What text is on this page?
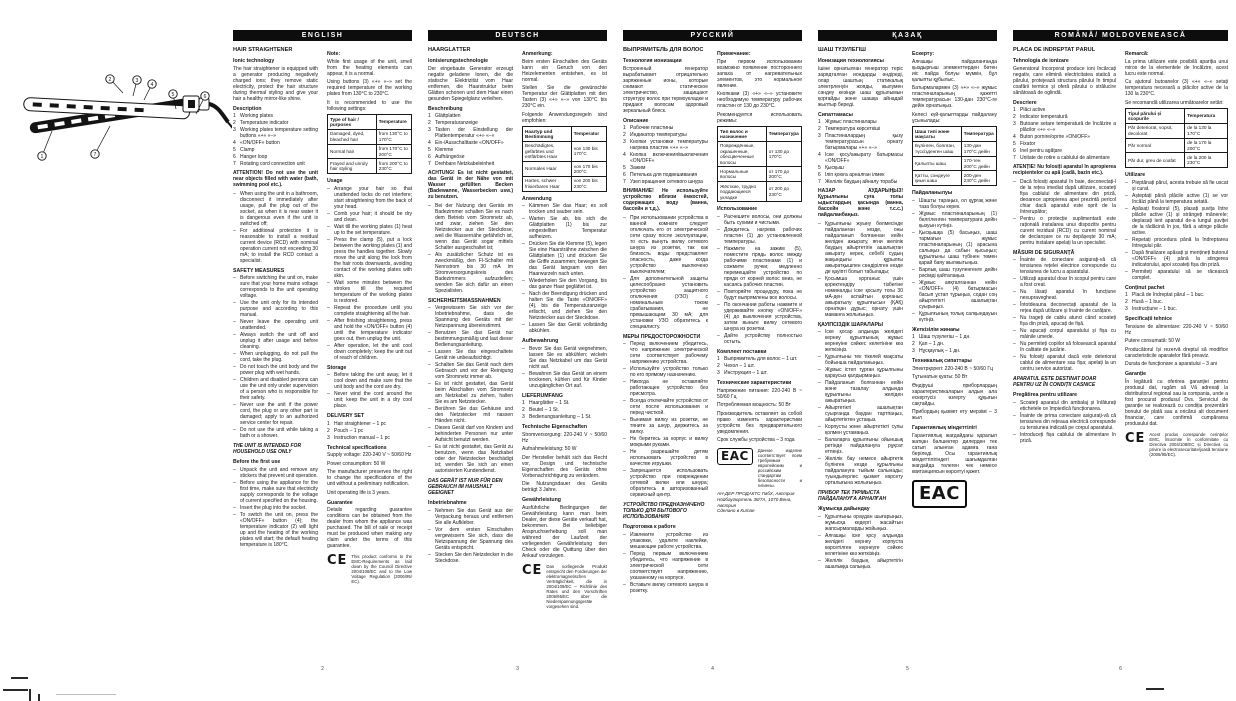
2	3
4
5	6
1	7
ENGLISH
HAIR STRAIGHTENER
Ionic technology
The hair straightener is equipped with a generator producing negatively charged ions; they remove static electricity, protect the hair structure during thermal styling and give your hair a healthy mirror-like shine.
Description
1 Working plates
2 Temperature indicator
3 Working plates temperature setting buttons «+» «–»
4 «ON/OFF» button
5 Clamp
6 Hanger loop
7 Rotating cord connection unit
ATTENTION! Do not use the unit near objects filled with water (bath, swimming pool etc.).
– When using the unit in a bathroom, disconnect it immediately after usage, pull the plug out of the socket, as when it is near water it is dangerous even if the unit is switched off;
– For additional protection it is reasonable to install a residual current device (RCD) with nominal operation current not exceeding 30 mA; to install the RCD contact a specialist.
SAFETY MEASURES
– Before switching the unit on, make sure that your home mains voltage corresponds to the unit operating voltage.
– Use the unit only for its intended purpose and according to this manual.
– Never leave the operating unit unattended.
– Always switch the unit off and unplug it after usage and before cleaning.
– When unplugging, do not pull the cord, take the plug.
– Do not touch the unit body and the power plug with wet hands.
– Children and disabled persons can use the unit only under supervision of a person who is responsible for their safety.
– Never use the unit if the power cord, the plug or any other part is damaged; apply to an authorized service center for repair.
– Do not use the unit while taking a bath or a shower.
THE UNIT IS INTENDED FOR HOUSEHOLD USE ONLY
Before the first use
– Unpack the unit and remove any stickers that prevent unit operation.
– Before using the appliance for the first time, make sure that electricity supply corresponds to the voltage of current specified on the housing.
– Insert the plug into the socket.
– To switch the unit on, press the «ON/OFF» button (4); the temperature indicator (2) will light up and the heating of the working plates will start; the default heating temperature is 180°C.
Note:
While first usage of the unit, smell from the heating elements can appear, it is a normal.
Using buttons (3) «+» «–» set the required temperature of the working plates from 130°C to 230°C.
It is recommended to use the following settings:
Type of hair / purposes	Temperature
Damaged, dyed, bleached hair	from 130°C to 170°C
Normal hair	from 170°C to 200°C
Frayed and unruly hair styling	from 200°C to 230°C
Usage
– Arrange your hair so that unattended locks do not interfere; start straightening from the back of your head.
– Comb your hair; it should be dry and clean.
– Wait till the working plates (1) heat up to the set temperature.
– Press the clamp (5), put a lock between the working plates (1) and press the handles together. Slowly move the unit along the lock from the hair roots downwards, avoiding contact of the working plates with skin.
– Wait some minutes between the strokes till the required temperature of the working plates is restored.
– Repeat the procedure until you complete straightening all the hair.
– After finishing straightening, press and hold the «ON/OFF» button (4) until the temperature indicator goes out, then unplug the unit.
– After operation, let the unit cool down completely; keep the unit out of reach of children.
Storage
– Before taking the unit away, let it cool down and make sure that the unit body and the cord are dry.
– Never wind the cord around the unit; keep the unit in a dry cool place.
DELIVERY SET
1 Hair straightener – 1 pc
2 Pouch – 1 pc
3 Instruction manual – 1 pc
Technical specifications
Supply voltage: 220-240 V ~ 50/60 Hz
Power consumption: 50 W
The manufacturer preserves the right to change the specifications of the unit without a preliminary notification.
Unit operating life is 3 years.
Guarantee
Details regarding guarantee conditions can be obtained from the dealer from whom the appliance was purchased. The bill of sale or receipt must be produced when making any claim under the terms of this guarantee.
CE This product conforms to the EMC-Requirements as laid down by the Council Directive 2004/108/ЕС and to the Low Voltage Regulation (2006/95/ЕС).
2
DEUTSCH
HAARGLÄTTER
Ionisierungstechnologie
Der eingebaute Generator erzeugt negativ geladene Ionen, die die statische Elektrizität vom Haar entfernen, die Haarstruktur beim Glätten schonen und dem Haar einen gesunden Spiegelglanz verleihen.
Beschreibung
1 Glättplatten
2 Temperaturanzeige
3 Tasten der Einstellung der Plattentemperatur «+» «–»
4 Ein-/Ausschalttaste «ON/OFF»
5 Klemme
6 Aufhängeöse
7 Drehbare Netzkabeleinheit
ACHTUNG! Es ist nicht gestattet, das Gerät in der Nähe von mit Wasser gefüllten Becken (Badewanne, Wasserbecken usw.) zu benutzen.
– Bei der Nutzung des Geräts im Badezimmer schalten Sie es nach dem Betrieb vom Stromnetz ab, und zwar, ziehen Sie den Netzstecker aus der Steckdose, weil die Wassernähe gefährlich ist, wenn das Gerät sogar mittels Schalter ausgeschaltet ist;
– Als zusätzlicher Schutz ist es zweckmäßig, den FI-Schalter mit Nennstrom bis 30 mA im Stromversorgungskreis des Badezimmers aufzustellen; wenden Sie sich dafür an einen Spezialisten.
SICHERHEITSMASSNAHMEN
– Vergewissern Sie sich vor der Inbetriebnahme, dass die Spannung des Geräts mit der Netzspannung übereinstimmt.
– Benutzen Sie das Gerät nur bestimmungsmäßig und laut dieser Bedienungsanleitung.
– Lassen Sie das eingeschaltete Gerät nie unbeaufsichtigt.
– Schalten Sie das Gerät nach dem Gebrauch und vor der Reinigung vom Stromnetz immer ab.
– Es ist nicht gestattet, das Gerät beim Abschalten vom Stromnetz am Netzkabel zu ziehen, halten Sie es am Netzstecker.
– Berühren Sie das Gehäuse und den Netzstecker mit nassen Händen nicht.
– Dieses Gerät darf von Kindern und behinderten Personen nur unter Aufsicht benutzt werden.
– Es ist nicht gestattet, das Gerät zu benutzen, wenn das Netzkabel oder der Netzstecker beschädigt ist; wenden Sie sich an einen autorisierten Kundendienst.
DAS GERÄT IST NUR FÜR DEN GEBRAUCH IM HAUSHALT GEEIGNET
Inbetriebnahme
– Nehmen Sie das Gerät aus der Verpackung heraus und entfernen Sie alle Aufkleber.
– Vor dem ersten Einschalten vergewissern Sie sich, dass die Netzspannung der Spannung des Geräts entspricht.
– Stecken Sie den Netzstecker in die Steckdose.
Anmerkung:
Beim ersten Einschalten des Geräts kann ein Geruch von den Heizelementen entstehen, es ist normal.
Stellen Sie die gewünschte Temperatur der Glättplatten mit den Tasten (3) «+» «–» von 130°C bis 230°C ein.
Folgende Anwendungsregeln sind empfohlen:
Haartyp und Bestimmung	Temperatur
Beschädigtes, gefärbtes und entfärbtes Haar	von 130 bis 170°C
Normales Haar	von 170 bis 200°C
Hartes, schwer frisierbares Haar	von 200 bis 230°C
Anwendung
– Kämmen Sie das Haar; es soll trocken und sauber sein.
– Warten Sie ab, bis sich die Glättplatten (1) bis zur eingestellten Temperatur aufheizen.
– Drücken Sie die Klemme (5), legen Sie eine Haarsträhne zwischen die Glättplatten (1) und drücken Sie die Griffe zusammen; bewegen Sie das Gerät langsam von den Haarwurzeln nach unten.
– Wiederholen Sie den Vorgang, bis das ganze Haar geglättet ist.
– Nach der Beendigung drücken und halten Sie die Taste «ON/OFF» (4), bis die Temperaturanzeige erlischt, und ziehen Sie den Netzstecker aus der Steckdose.
– Lassen Sie das Gerät vollständig abkühlen.
Aufbewahrung
– Bevor Sie das Gerät wegnehmen, lassen Sie es abkühlen; wickeln Sie das Netzkabel um das Gerät nicht auf.
– Bewahren Sie das Gerät an einem trockenen, kühlen und für Kinder unzugänglichen Ort auf.
LIEFERUMFANG
1 Haarglätter – 1 St.
2 Beutel – 1 St.
3 Bedienungsanleitung – 1 St.
Technische Eigenschaften
Stromversorgung: 220-240 V ~ 50/60 Hz
Aufnahmeleistung: 50 W
Der Hersteller behält sich das Recht vor, Design und technische Eigenschaften des Geräts ohne Vorbenachrichtigung zu verändern.
Die Nutzungsdauer des Geräts beträgt 3 Jahre.
Gewährleistung
Ausführliche Bedingungen der Gewährleistung kann man beim Dealer, der diese Geräte verkauft hat, bekommen. Bei beliebiger Anspruchserhebung soll man während der Laufzeit der vorliegenden Gewährleistung den Check oder die Quittung über den Ankauf vorzulegen.
CE Das vorliegende Produkt entspricht den Forderungen der elektromagnetischen Verträglichkeit, die in 2004/108/EC – Richtlinie des Rates und den Vorschriften 2006/95/EC über die Niederspannungsgeräte vorgesehen sind.
3
РУССКИЙ
ВЫПРЯМИТЕЛЬ ДЛЯ ВОЛОС
Технология ионизации
Встроенный генератор вырабатывает отрицательно заряженные ионы, которые снимают статическое электричество, защищают структуру волос при термоукладке и придают волосам здоровый зеркальный блеск.
Описание
1 Рабочие пластины
2 Индикатор температуры
3 Кнопки установки температуры нагрева пластин «+» «–»
4 Кнопка включения/выключения «ON/OFF»
5 Зажим
6 Петелька для подвешивания
7 Узел вращения сетевого шнура
ВНИМАНИЕ! Не используйте устройство вблизи ёмкостей, содержащих воду (ванна, бассейн и т.д.).
– При использовании устройства в ванной комнате следует отключать его от электрической сети сразу после эксплуатации, то есть вынуть вилку сетевого шнура из розетки, так как близость воды представляет опасность, даже когда устройство выключено выключателем;
– Для дополнительной защиты целесообразно установить устройство защитного отключения (УЗО) с номинальным током срабатывания, не превышающим 30 мА; для установки УЗО обратитесь к специалисту.
МЕРЫ ПРЕДОСТОРОЖНОСТИ
– Перед включением убедитесь, что напряжение электрической сети соответствует рабочему напряжению устройства.
– Используйте устройство только по его прямому назначению.
– Никогда не оставляйте работающее устройство без присмотра.
– Всегда отключайте устройство от сети после использования и перед чисткой.
– Вынимая вилку из розетки, не тяните за шнур, держитесь за вилку.
– Не беритесь за корпус и вилку мокрыми руками.
– Не разрешайте детям использовать устройство в качестве игрушки.
– Запрещается использовать устройство при повреждении сетевой вилки или шнура; обратитесь в авторизованный сервисный центр.
УСТРОЙСТВО ПРЕДНАЗНАЧЕНО ТОЛЬКО ДЛЯ БЫТОВОГО ИСПОЛЬЗОВАНИЯ
Подготовка к работе
– Извлеките устройство из упаковки, удалите наклейки, мешающие работе устройства.
– Перед первым включением убедитесь, что напряжение в электрической сети соответствует напряжению, указанному на корпусе.
– Вставьте вилку сетевого шнура в розетку.
Примечание:
При первом использовании возможно появление постороннего запаха от нагревательных элементов, это нормальное явление.
Кнопками (3) «+» «–» установите необходимую температуру рабочих пластин от 130 до 230°С.
Рекомендуется использовать режимы:
Тип волос и назначение	Температура
Повреждённые, окрашенные, обесцвеченные волосы	от 130 до 170°С
Нормальные волосы	от 170 до 200°С
Жёсткие, трудно поддающиеся укладке	от 200 до 230°С
Использование
– Расчешите волосы, они должны быть сухими и чистыми.
– Дождитесь нагрева рабочих пластин (1) до установленной температуры.
– Нажмите на зажим (5), поместите прядь волос между рабочими пластинами (1) и сожмите ручки; медленно перемещайте устройство по пряди от корней волос вниз, не касаясь рабочих пластин.
– Повторяйте процедуру, пока не будут выпрямлены все волосы.
– По окончании работы нажмите и удерживайте кнопку «ON/OFF» (4) до выключения устройства, затем выньте вилку сетевого шнура из розетки.
– Дайте устройству полностью остыть.
Комплект поставки
1 Выпрямитель для волос – 1 шт.
2 Чехол – 1 шт.
3 Инструкция – 1 шт.
Технические характеристики
Напряжение питания: 220-240 В ~ 50/60 Гц
Потребляемая мощность: 50 Вт
Производитель оставляет за собой право изменять характеристики устройств без предварительного уведомления.
Срок службы устройства – 3 года
EAC	Данное изделие соответствует всем требуемым европейским и российским стандартам безопасности и гигиены.
АН-ДЕР ПРОДАКТС ГмбХ, Австрия
Нойбаугюртель 38/7А, 1070 Вена, Австрия
Сделано в Китае
4
ҚАЗАҚ
ШАШ ТҮЗУЛЕГІШ
Ионизация технологиясы
Ішіне орнатылған генератор теріс зарядталған иондарды өндіреді, олар шаштың статикалық электрленуін жояды, жылумен сәндеу кезінде шаш құрылымын қорғайды және шашқа айнадай жылтыр береді.
Сипаттамасы
1 Жұмыс пластиналары
2 Температура көрсеткіші
3 Пластиналардың қызу температурасын орнату батырмалары «+» «–»
4 Іске қосу/ажырату батырмасы «ON/OFF»
5 Қысқыш
6 Іліп қоюға арналған ілмек
7 Желілік баудың айналу торабы
НАЗАР АУДАРЫҢЫЗ! Құрылғыны суға толы ыдыстардың қасында (ванна, бассейн және т.с.с.) пайдаланбаңыз.
– Құрылғыны жуыну бөлмесінде пайдаланған кезде, оны пайдаланып болғаннан кейін желіден ажырату, яғни желілік баудың айыртетігін ашалықтан ажырату керек, себебі судың жақындығы құрылғы ажыратқышпен сөндірілген кезде де қауіпті болып табылады;
– Қосымша қорғаныс үшін қоректендіру тізбегіне номиналды іске қосылу тогы 30 мА-ден аспайтын қорғаныс ажыратылу құрылғысын (ҚАҚ) орнатқан дұрыс; орнату үшін маманға жолығыңыз.
ҚАУІПСІЗДІК ШАРАЛАРЫ
– Іске қосар алдында желідегі кернеу құрылғының жұмыс кернеуіне сәйкес келетініне көз жеткізіңіз.
– Құрылғыны тек тікелей мақсаты бойынша пайдаланыңыз.
– Жұмыс істеп тұрған құрылғыны қараусыз қалдырмаңыз.
– Пайдаланып болғаннан кейін және тазалау алдында құрылғыны желіден ажыратыңыз.
– Айыртетікті ашалықтан суырғанда баудан тартпаңыз, айыртетіктен ұстаңыз.
– Корпусты және айыртетікті сулы қолмен ұстамаңыз.
– Балаларға құрылғыны ойыншық ретінде пайдалануға рұқсат етпеңіз.
– Желілік бау немесе айыртетік бүлінген кезде құрылғыны пайдалануға тыйым салынады; туындыгерлес қызмет көрсету орталығына жолығыңыз.
ПРИБОР ТЕК ТҰРМЫСТА ПАЙДАЛАНУҒА АРНАЛҒАН
Жұмысқа дайындау
– Құрылғыны ораудан шығарыңыз, жұмысқа кедергі жасайтын жапсырмаларды жойыңыз.
– Алғашқы іске қосу алдында желідегі кернеу корпуста көрсетілген кернеуге сәйкес келетініне көз жеткізіңіз.
– Желілік баудың айыртетігін ашалыққа салыңыз.
Ескерту:
Алғашқы пайдаланғанда қыздырғыш элементтерден бөтен иіс пайда болуы мүмкін, бұл қалыпты құбылыс.
Батырмалармен (3) «+» «–» жұмыс пластиналарының қажетті температурасын 130-дан 230°С-ге дейін орнатыңыз.
Келесі күй-қалыптарды пайдалану ұсынылады:
Шаш типі және мақсаты	Температура
Бүлінген, боялған, түссізденген шаш	130-дан 170°С дейін
Қалыпты шаш	170-тен 200°С дейін
Қатты, сәндеуге қиын шаш	200-ден 230°С дейін
Пайдаланылуы
– Шашты тараңыз, ол құрғақ және таза болуы керек.
– Жұмыс пластиналарының (1) белгіленген температураға дейін қызуын күтіңіз.
– Қысқышқа (5) басыңыз, шаш тармағын жұмыс пластиналарының (1) арасына салыңыз да сабын қысыңыз; құрылғыны шаш түбінен төмен қарай баяу жылжытыңыз.
– Барлық шаш түзуленгенге дейін рәсімді қайталаңыз.
– Жұмыс аяқталғаннан кейін «ON/OFF» (4) батырмасын басып ұстап тұрыңыз, содан соң айыртетікті ашалықтан суырыңыз.
– Құрылғының толық салқындауын күтіңіз.
Жеткізілім жинағы
1 Шаш түзулегіш – 1 дн.
2 Қап – 1 дн.
3 Нұсқаулық – 1 дн.
Техникалық сипаттары
Электрқорегі: 220-240 В ~ 50/60 Гц
Тұтынатын қуаты: 50 Вт
Өндіруші приборлардың характеристикаларын алдын ала ескертусіз өзгерту құқығын сақтайды.
Прибордың қызмет ету мерзімі – 3 жыл
Гарантиялық мiндеттiлiгi
Гарантиялық жағдайдағы қаралып жатқан бөлшектер дилерден тек сатып алынған адамға ғана берiледi. Осы гарантиялық мiндеттiлiгiндегi шағымдалған жағдайда төлеген чек немесе квитанциясын көрсетуi қажет.
EAC
5
ROMÂNĂ/ MOLDOVENEASCĂ
PLACĂ DE ÎNDREPTAT PĂRUL
Tehnologia de ionizare
Generatorul încorporat produce ioni încărcați negativ, care elimină electricitatea statică a părului, protejează structura părului în timpul coafării termice și oferă părului o strălucire sănătoasă de oglindă.
Descriere
1 Plăci active
2 Indicator temperatură
3 Butoane setare temperatură de încălzire a plăcilor «+» «–»
4 Buton pornire/oprire «ON/OFF»
5 Fixator
6 Inel pentru agățare
7 Unitate de rotire a cablului de alimentare
ATENȚIE! Nu folosiți aparatul în apropierea recipientelor cu apă (cadă, bazin etc.).
– Dacă folosiți aparatul în baie, deconectați-l de la rețea imediat după utilizare, scoateți fișa cablului de alimentare din priză, deoarece apropierea apei prezintă pericol chiar dacă aparatul este oprit de la întrerupător;
– Pentru o protecție suplimentară este rațională instalarea unui dispozitiv pentru curent rezidual (RCD) cu curent nominal de declanșare ce nu depășește 30 mA; pentru instalare apelați la un specialist.
MĂSURI DE SIGURANȚĂ
– Înainte de conectare asigurați-vă că tensiunea rețelei electrice corespunde cu tensiunea de lucru a aparatului.
– Utilizați aparatul doar în scopul pentru care a fost creat.
– Nu lăsați aparatul în funcțiune nesupravegheat.
– Întotdeauna deconectați aparatul de la rețea după utilizare și înainte de curățare.
– Nu trageți de cablu atunci când scoateți fișa din priză, apucați de fișă.
– Nu apucați corpul aparatului și fișa cu mâinile umede.
– Nu permiteți copiilor să folosească aparatul în calitate de jucărie.
– Nu folosiți aparatul dacă este deteriorat cablul de alimentare sau fișa; apelați la un centru service autorizat.
APARATUL ESTE DESTINAT DOAR PENTRU UZ ÎN CONDIȚII CASNICE
Pregătirea pentru utilizare
– Scoateți aparatul din ambalaj și înlăturați etichetele ce împiedică funcționarea.
– Înainte de prima conectare asigurați-vă că tensiunea din rețeaua electrică corespunde cu tensiunea indicată pe corpul aparatului.
– Introduceți fișa cablului de alimentare în priză.
Remarcă:
La prima utilizare este posibilă apariția unui miros de la elementele de încălzire, acest lucru este normal.
Cu ajutorul butoanelor (3) «+» «–» setați temperatura necesară a plăcilor active de la 130 la 230°C.
Se recomandă utilizarea următoarelor setări:
Tipul părului și scopurile	Temperatura
Păr deteriorat, vopsit, decolorat	de la 130 la 170°C
Păr normal	de la 170 la 200°C
Păr dur, greu de coafat	de la 200 la 230°C
Utilizare
– Pieptănați părul, acesta trebuie să fie uscat și curat.
– Așteptați până plăcile active (1) se vor încălzi până la temperatura setată.
– Apăsați fixatorul (5), plasați șuvița între plăcile active (1) și strângeți mânerele; deplasați lent aparatul de-a lungul șuviței de la rădăcină în jos, fără a atinge plăcile active.
– Repetați procedura până la îndreptarea întregului păr.
– După finalizare apăsați și mențineți butonul «ON/OFF» (4) până la stingerea indicatorului, apoi scoateți fișa din priză.
– Permiteți aparatului să se răcească complet.
Conținut pachet
1 Placă de îndreptat părul – 1 buc.
2 Husă – 1 buc.
3 Instrucțiune – 1 buc.
Specificații tehnice
Tensiune de alimentare: 220-240 V ~ 50/60 Hz
Putere consumată: 50 W
Producătorul își rezervă dreptul să modifice caracteristicile aparatelor fără preaviz.
Durata de funcționare a aparatului – 3 ani
Garanție
În legătură cu oferirea garanției pentru produsul dat, rugăm să Vă adresați la distribuitorul regional sau la compania, unde a fost procurat produsul Dvs. Serviciul de garanție se realizează cu condiția prezentării bonului de plată sau a oricărui alt document financiar, care confirmă cumpărarea produsului dat.
CE Acest produs corespunde cerințelor EMC, întocmite în conformitate cu Directiva 2004/108/EC și Directiva cu privire la electrosecuritate/joasă tensiune (2006/95/EC).
6
